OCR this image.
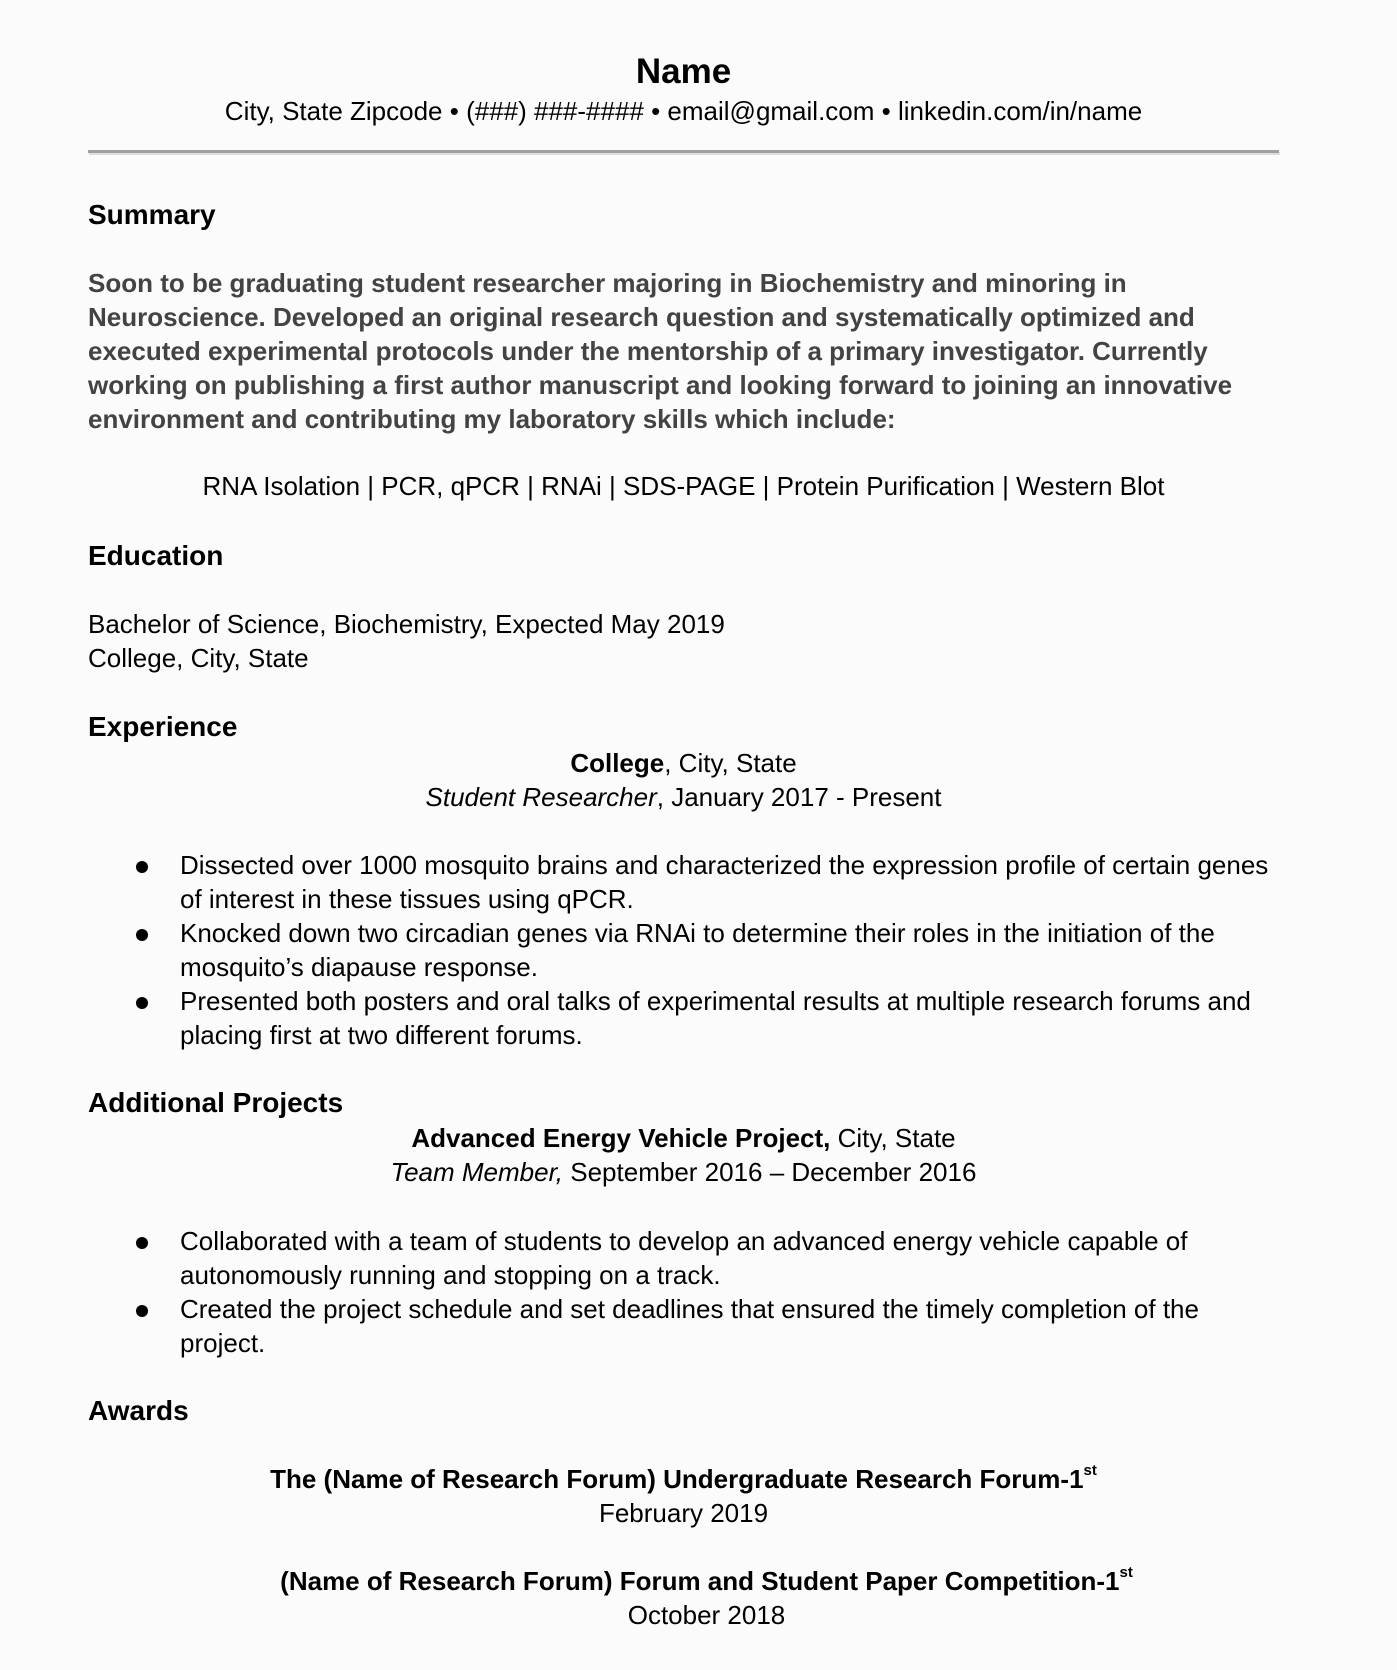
Name
City, State Zipcode • (###) ###-#### • email@gmail.com • linkedin.com/in/name
Summary
Soon to be graduating student researcher majoring in Biochemistry and minoring in Neuroscience. Developed an original research question and systematically optimized and executed experimental protocols under the mentorship of a primary investigator. Currently working on publishing a first author manuscript and looking forward to joining an innovative environment and contributing my laboratory skills which include:
RNA Isolation | PCR, qPCR | RNAi | SDS-PAGE | Protein Purification | Western Blot
Education
Bachelor of Science, Biochemistry, Expected May 2019
College, City, State
Experience
College, City, State
Student Researcher, January 2017 - Present
Dissected over 1000 mosquito brains and characterized the expression profile of certain genes of interest in these tissues using qPCR.
Knocked down two circadian genes via RNAi to determine their roles in the initiation of the mosquito’s diapause response.
Presented both posters and oral talks of experimental results at multiple research forums and placing first at two different forums.
Additional Projects
Advanced Energy Vehicle Project, City, State
Team Member, September 2016 – December 2016
Collaborated with a team of students to develop an advanced energy vehicle capable of autonomously running and stopping on a track.
Created the project schedule and set deadlines that ensured the timely completion of the project.
Awards
The (Name of Research Forum) Undergraduate Research Forum-1st
February 2019
(Name of Research Forum) Forum and Student Paper Competition-1st
October 2018
